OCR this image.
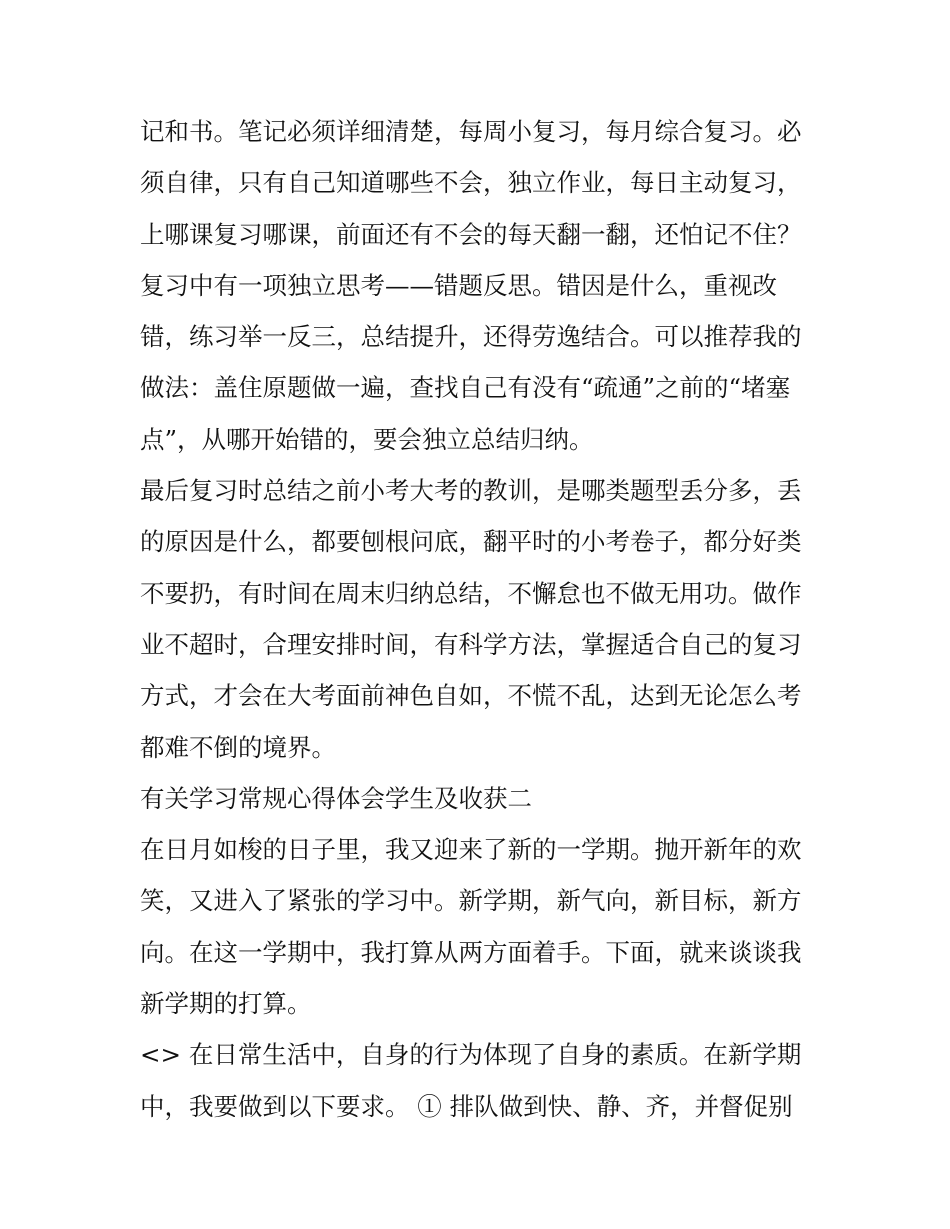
记和书。笔记必须详细清楚，每周小复习，每月综合复习。必
须自律，只有自己知道哪些不会，独立作业，每日主动复习，
上哪课复习哪课，前面还有不会的每天翻一翻，还怕记不住？
复习中有一项独立思考——错题反思。错因是什么，重视改
错，练习举一反三，总结提升，还得劳逸结合。可以推荐我的
做法：盖住原题做一遍，查找自己有没有“疏通”之前的“堵塞
点”，从哪开始错的，要会独立总结归纳。
最后复习时总结之前小考大考的教训，是哪类题型丢分多，丢
的原因是什么，都要刨根问底，翻平时的小考卷子，都分好类
不要扔，有时间在周末归纳总结，不懈怠也不做无用功。做作
业不超时，合理安排时间，有科学方法，掌握适合自己的复习
方式，才会在大考面前神色自如，不慌不乱，达到无论怎么考
都难不倒的境界。
有关学习常规心得体会学生及收获二
在日月如梭的日子里，我又迎来了新的一学期。抛开新年的欢
笑，又进入了紧张的学习中。新学期，新气向，新目标，新方
向。在这一学期中，我打算从两方面着手。下面，就来谈谈我
新学期的打算。
<> 在日常生活中，自身的行为体现了自身的素质。在新学期
中，我要做到以下要求。 ① 排队做到快、静、齐，并督促别
